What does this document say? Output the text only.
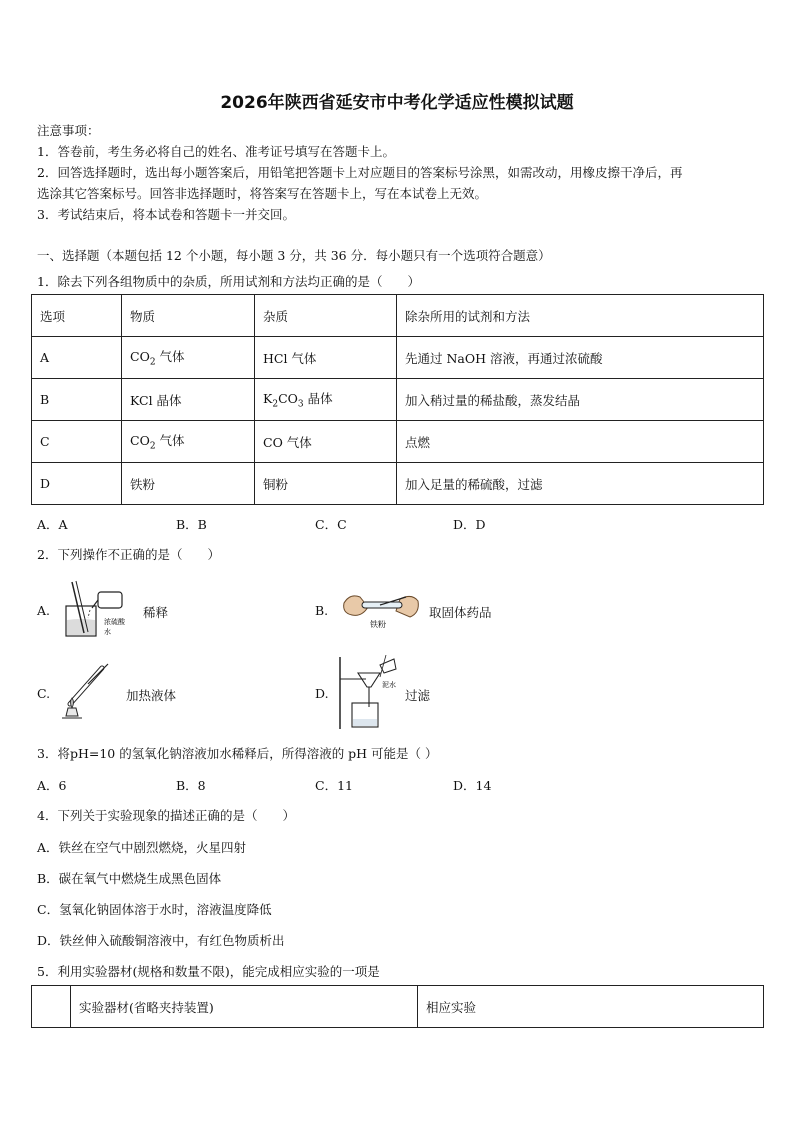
2026年陕西省延安市中考化学适应性模拟试题
注意事项：
1．答卷前，考生务必将自己的姓名、准考证号填写在答题卡上。
2．回答选择题时，选出每小题答案后，用铅笔把答题卡上对应题目的答案标号涂黑，如需改动，用橡皮擦干净后，再
选涂其它答案标号。回答非选择题时，将答案写在答题卡上，写在本试卷上无效。
3．考试结束后，将本试卷和答题卡一并交回。
一、选择题（本题包括 12 个小题，每小题 3 分，共 36 分．每小题只有一个选项符合题意）
1．除去下列各组物质中的杂质，所用试剂和方法均正确的是（　　）
选项	物质	杂质	除杂所用的试剂和方法
A	$CO_2$ 气体	HCl 气体	先通过 NaOH 溶液，再通过浓硫酸
B	KCl 晶体	$K_2CO_3$ 晶体	加入稍过量的稀盐酸，蒸发结晶
C	$CO_2$ 气体	CO 气体	点燃
D	铁粉	铜粉	加入足量的稀硫酸，过滤
A．A	B．B	C．C	D．D
2．下列操作不正确的是（　　）
A.
浓硫酸
水
稀释	B.
铁粉
取固体药品
C.	加热液体	D.
泥水
过滤
3．将pH=10 的氢氧化钠溶液加水稀释后，所得溶液的 pH 可能是（ ）
A．6	B．8	C．11	D．14
4．下列关于实验现象的描述正确的是（　　）
A．铁丝在空气中剧烈燃烧，火星四射
B．碳在氧气中燃烧生成黑色固体
C．氢氧化钠固体溶于水时，溶液温度降低
D．铁丝伸入硫酸铜溶液中，有红色物质析出
5．利用实验器材(规格和数量不限)，能完成相应实验的一项是
	实验器材(省略夹持装置)	相应实验
